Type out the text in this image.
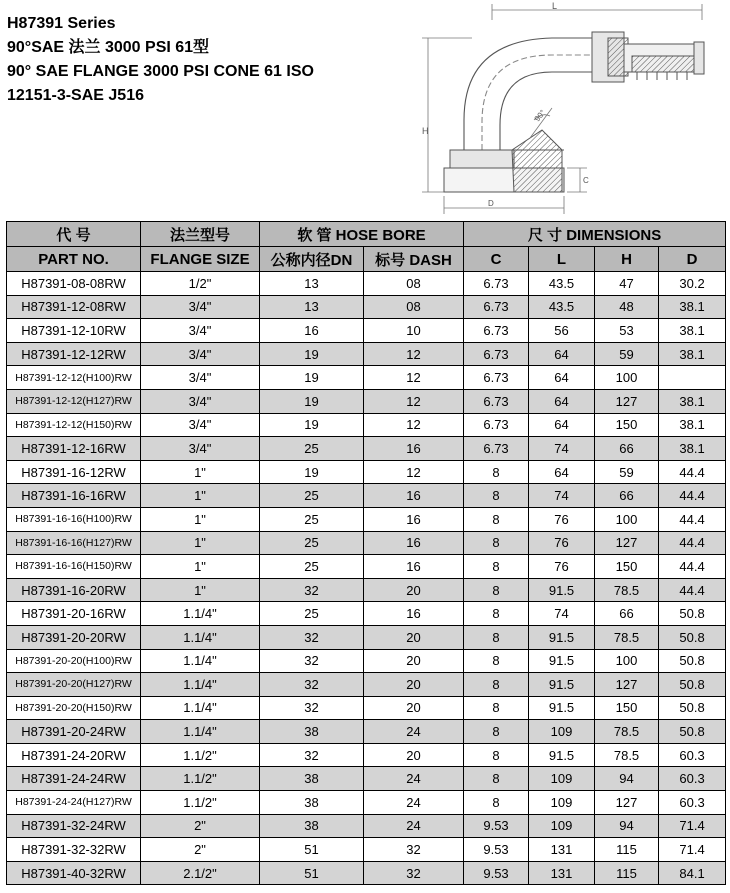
H87391 Series
90°SAE 法兰 3000 PSI 61型
90° SAE FLANGE 3000 PSI CONE 61 ISO
12151-3-SAE J516
L
H
90°
C
D
代 号	法兰型号	软 管 HOSE BORE		尺 寸 DIMENSIONS			
PART NO.	FLANGE SIZE	公称内径DN	标号 DASH	C	L	H	D
H87391-08-08RW	1/2"	13	08	6.73	43.5	47	30.2
H87391-12-08RW	3/4"	13	08	6.73	43.5	48	38.1
H87391-12-10RW	3/4"	16	10	6.73	56	53	38.1
H87391-12-12RW	3/4"	19	12	6.73	64	59	38.1
H87391-12-12(H100)RW	3/4"	19	12	6.73	64	100	
H87391-12-12(H127)RW	3/4"	19	12	6.73	64	127	38.1
H87391-12-12(H150)RW	3/4"	19	12	6.73	64	150	38.1
H87391-12-16RW	3/4"	25	16	6.73	74	66	38.1
H87391-16-12RW	1"	19	12	8	64	59	44.4
H87391-16-16RW	1"	25	16	8	74	66	44.4
H87391-16-16(H100)RW	1"	25	16	8	76	100	44.4
H87391-16-16(H127)RW	1"	25	16	8	76	127	44.4
H87391-16-16(H150)RW	1"	25	16	8	76	150	44.4
H87391-16-20RW	1"	32	20	8	91.5	78.5	44.4
H87391-20-16RW	1.1/4"	25	16	8	74	66	50.8
H87391-20-20RW	1.1/4"	32	20	8	91.5	78.5	50.8
H87391-20-20(H100)RW	1.1/4"	32	20	8	91.5	100	50.8
H87391-20-20(H127)RW	1.1/4"	32	20	8	91.5	127	50.8
H87391-20-20(H150)RW	1.1/4"	32	20	8	91.5	150	50.8
H87391-20-24RW	1.1/4"	38	24	8	109	78.5	50.8
H87391-24-20RW	1.1/2"	32	20	8	91.5	78.5	60.3
H87391-24-24RW	1.1/2"	38	24	8	109	94	60.3
H87391-24-24(H127)RW	1.1/2"	38	24	8	109	127	60.3
H87391-32-24RW	2"	38	24	9.53	109	94	71.4
H87391-32-32RW	2"	51	32	9.53	131	115	71.4
H87391-40-32RW	2.1/2"	51	32	9.53	131	115	84.1
